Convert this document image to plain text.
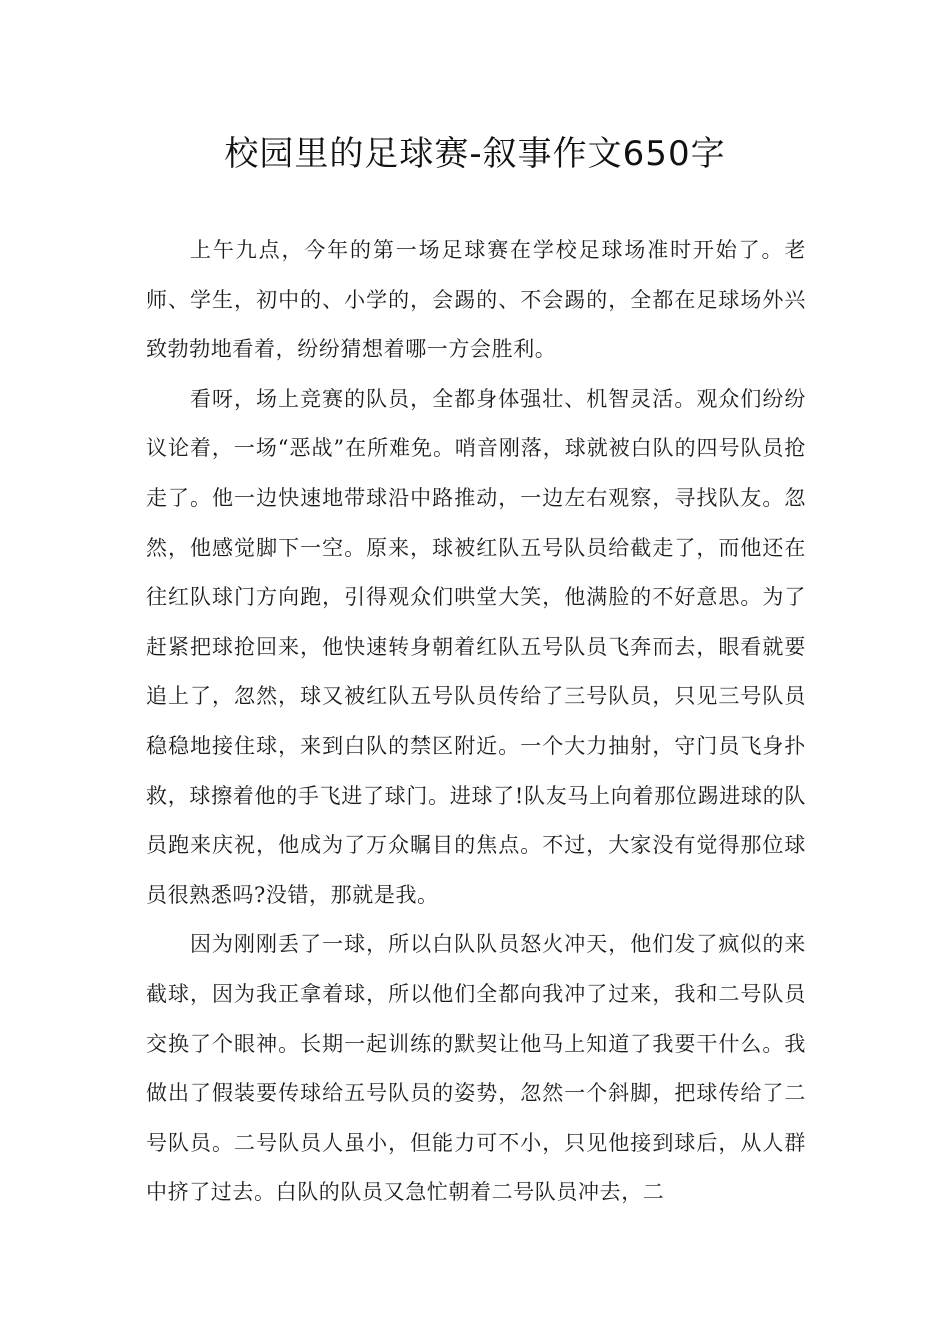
校园里的足球赛-叙事作文650字

上午九点，今年的第一场足球赛在学校足球场准时开始了。老师、学生，初中的、小学的，会踢的、不会踢的，全都在足球场外兴致勃勃地看着，纷纷猜想着哪一方会胜利。

看呀，场上竞赛的队员，全都身体强壮、机智灵活。观众们纷纷议论着，一场“恶战”在所难免。哨音刚落，球就被白队的四号队员抢走了。他一边快速地带球沿中路推动，一边左右观察，寻找队友。忽然，他感觉脚下一空。原来，球被红队五号队员给截走了，而他还在往红队球门方向跑，引得观众们哄堂大笑，他满脸的不好意思。为了赶紧把球抢回来，他快速转身朝着红队五号队员飞奔而去，眼看就要追上了，忽然，球又被红队五号队员传给了三号队员，只见三号队员稳稳地接住球，来到白队的禁区附近。一个大力抽射，守门员飞身扑救，球擦着他的手飞进了球门。进球了!队友马上向着那位踢进球的队员跑来庆祝，他成为了万众瞩目的焦点。不过，大家没有觉得那位球员很熟悉吗?没错，那就是我。

因为刚刚丢了一球，所以白队队员怒火冲天，他们发了疯似的来截球，因为我正拿着球，所以他们全都向我冲了过来，我和二号队员交换了个眼神。长期一起训练的默契让他马上知道了我要干什么。我做出了假装要传球给五号队员的姿势，忽然一个斜脚，把球传给了二号队员。二号队员人虽小，但能力可不小，只见他接到球后，从人群中挤了过去。白队的队员又急忙朝着二号队员冲去，二
